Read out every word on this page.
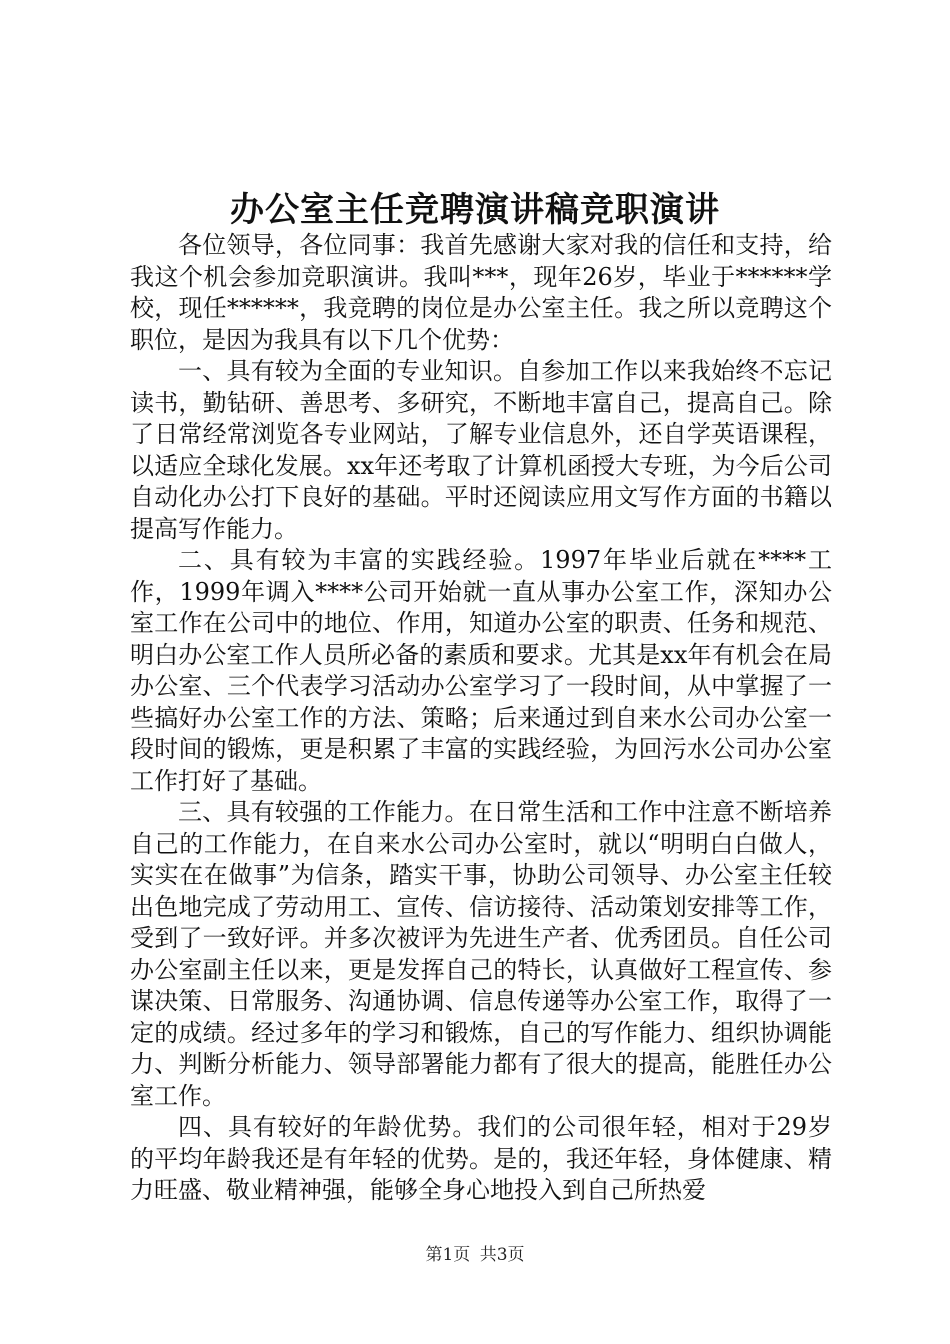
办公室主任竞聘演讲稿竞职演讲

各位领导，各位同事：我首先感谢大家对我的信任和支持，给我这个机会参加竞职演讲。我叫***，现年26岁，毕业于******学校，现任******，我竞聘的岗位是办公室主任。我之所以竞聘这个职位，是因为我具有以下几个优势：

一、具有较为全面的专业知识。自参加工作以来我始终不忘记读书，勤钻研、善思考、多研究，不断地丰富自己，提高自己。除了日常经常浏览各专业网站，了解专业信息外，还自学英语课程，以适应全球化发展。xx年还考取了计算机函授大专班，为今后公司自动化办公打下良好的基础。平时还阅读应用文写作方面的书籍以提高写作能力。

二、具有较为丰富的实践经验。1997年毕业后就在****工作，1999年调入****公司开始就一直从事办公室工作，深知办公室工作在公司中的地位、作用，知道办公室的职责、任务和规范、明白办公室工作人员所必备的素质和要求。尤其是xx年有机会在局办公室、三个代表学习活动办公室学习了一段时间，从中掌握了一些搞好办公室工作的方法、策略；后来通过到自来水公司办公室一段时间的锻炼，更是积累了丰富的实践经验，为回污水公司办公室工作打好了基础。

三、具有较强的工作能力。在日常生活和工作中注意不断培养自己的工作能力，在自来水公司办公室时，就以“明明白白做人，实实在在做事”为信条，踏实干事，协助公司领导、办公室主任较出色地完成了劳动用工、宣传、信访接待、活动策划安排等工作，受到了一致好评。并多次被评为先进生产者、优秀团员。自任公司办公室副主任以来，更是发挥自己的特长，认真做好工程宣传、参谋决策、日常服务、沟通协调、信息传递等办公室工作，取得了一定的成绩。经过多年的学习和锻炼，自己的写作能力、组织协调能力、判断分析能力、领导部署能力都有了很大的提高，能胜任办公室工作。

四、具有较好的年龄优势。我们的公司很年轻，相对于29岁的平均年龄我还是有年轻的优势。是的，我还年轻，身体健康、精力旺盛、敬业精神强，能够全身心地投入到自己所热爱

第1页 共3页
